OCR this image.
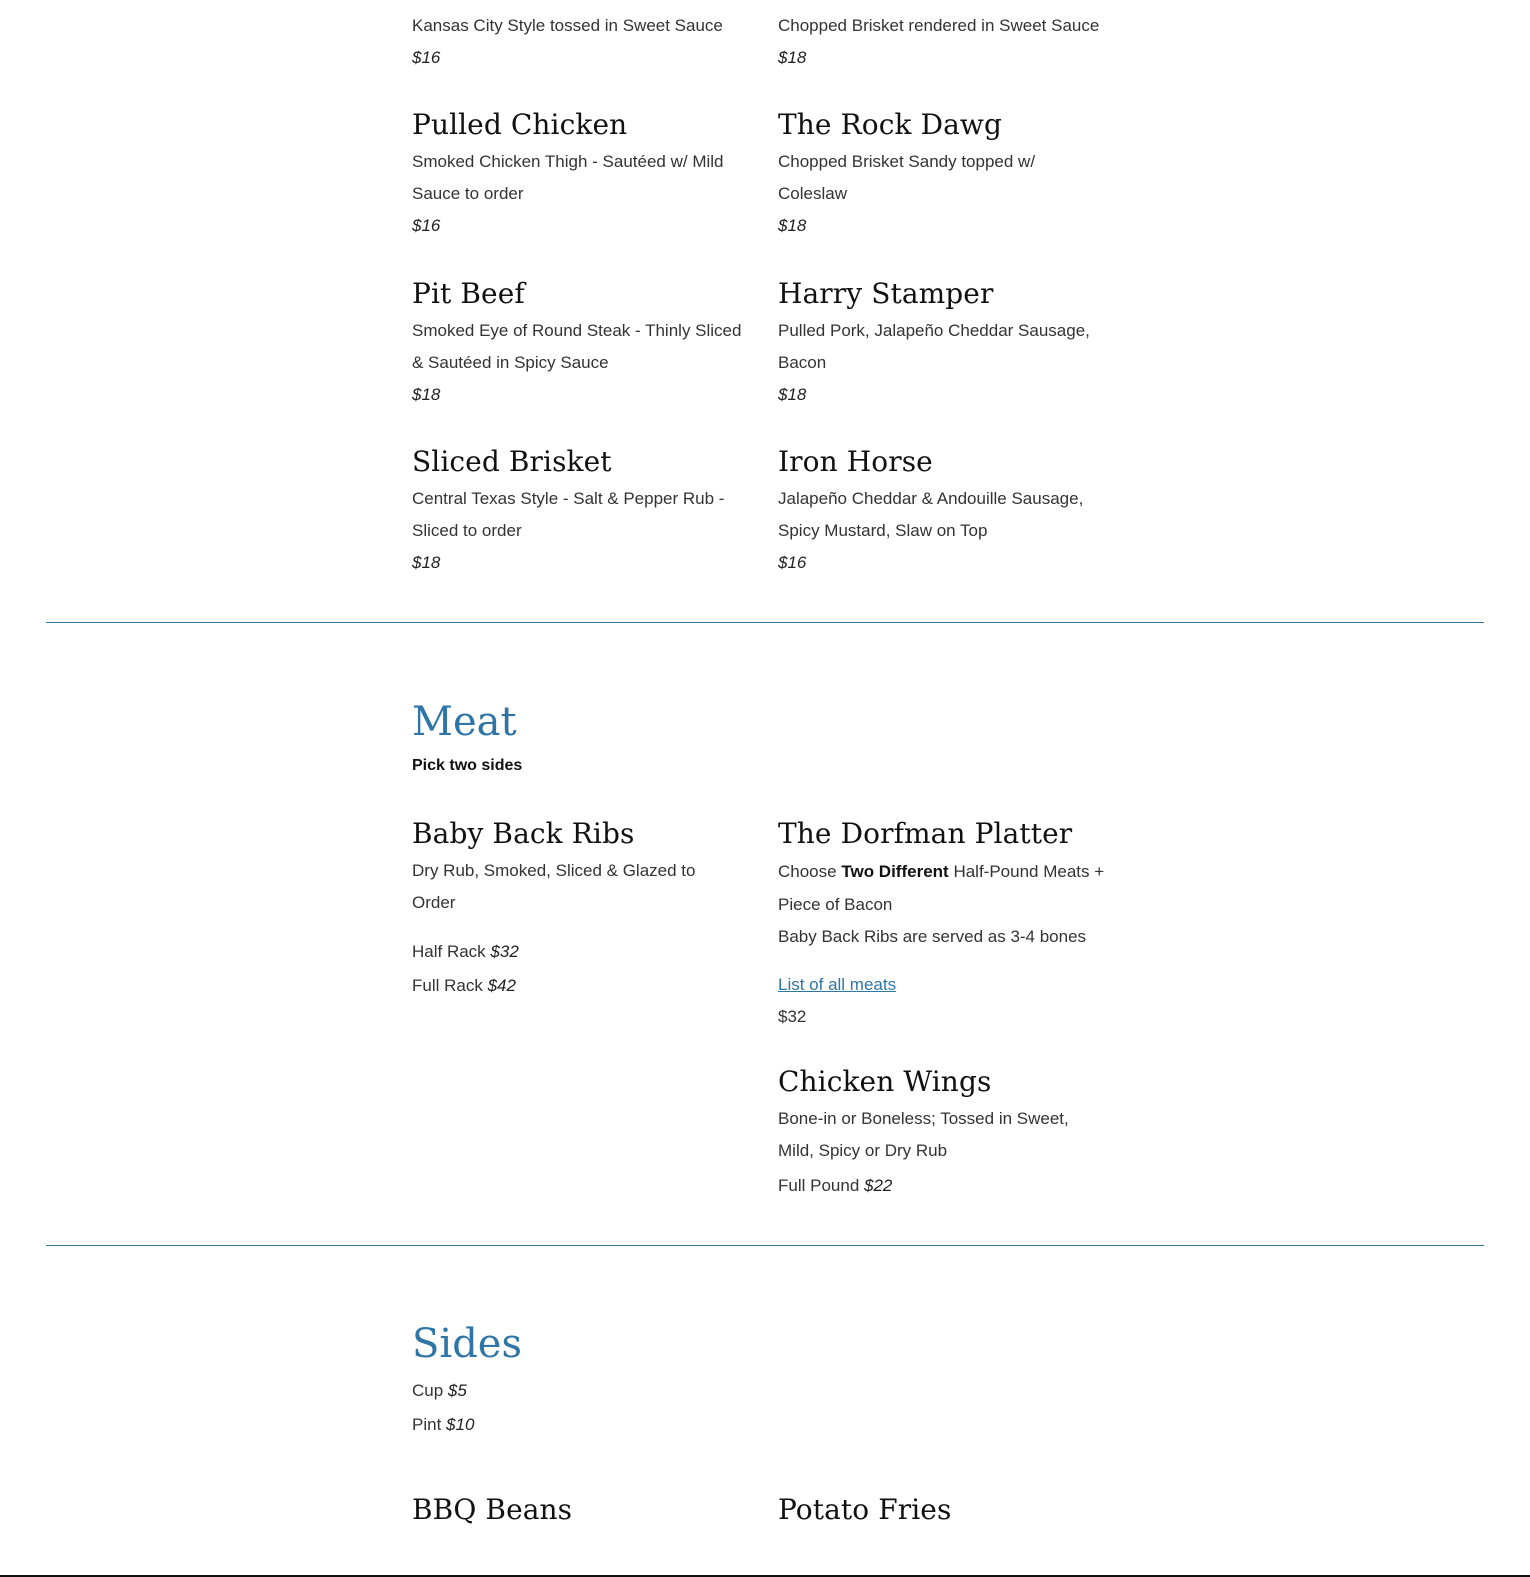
Kansas City Style tossed in Sweet Sauce
$16
Chopped Brisket rendered in Sweet Sauce
$18
Pulled Chicken
Smoked Chicken Thigh - Sautéed w/ Mild Sauce to order
$16
The Rock Dawg
Chopped Brisket Sandy topped w/ Coleslaw
$18
Pit Beef
Smoked Eye of Round Steak - Thinly Sliced & Sautéed in Spicy Sauce
$18
Harry Stamper
Pulled Pork, Jalapeño Cheddar Sausage, Bacon
$18
Sliced Brisket
Central Texas Style - Salt & Pepper Rub - Sliced to order
$18
Iron Horse
Jalapeño Cheddar & Andouille Sausage, Spicy Mustard, Slaw on Top
$16
Meat
Pick two sides
Baby Back Ribs
Dry Rub, Smoked, Sliced & Glazed to Order
Half Rack $32
Full Rack $42
The Dorfman Platter
Choose Two Different Half-Pound Meats +
Piece of Bacon
Baby Back Ribs are served as 3-4 bones
List of all meats
$32
Chicken Wings
Bone-in or Boneless; Tossed in Sweet, Mild, Spicy or Dry Rub
Full Pound $22
Sides
Cup $5
Pint $10
BBQ Beans	Potato Fries
